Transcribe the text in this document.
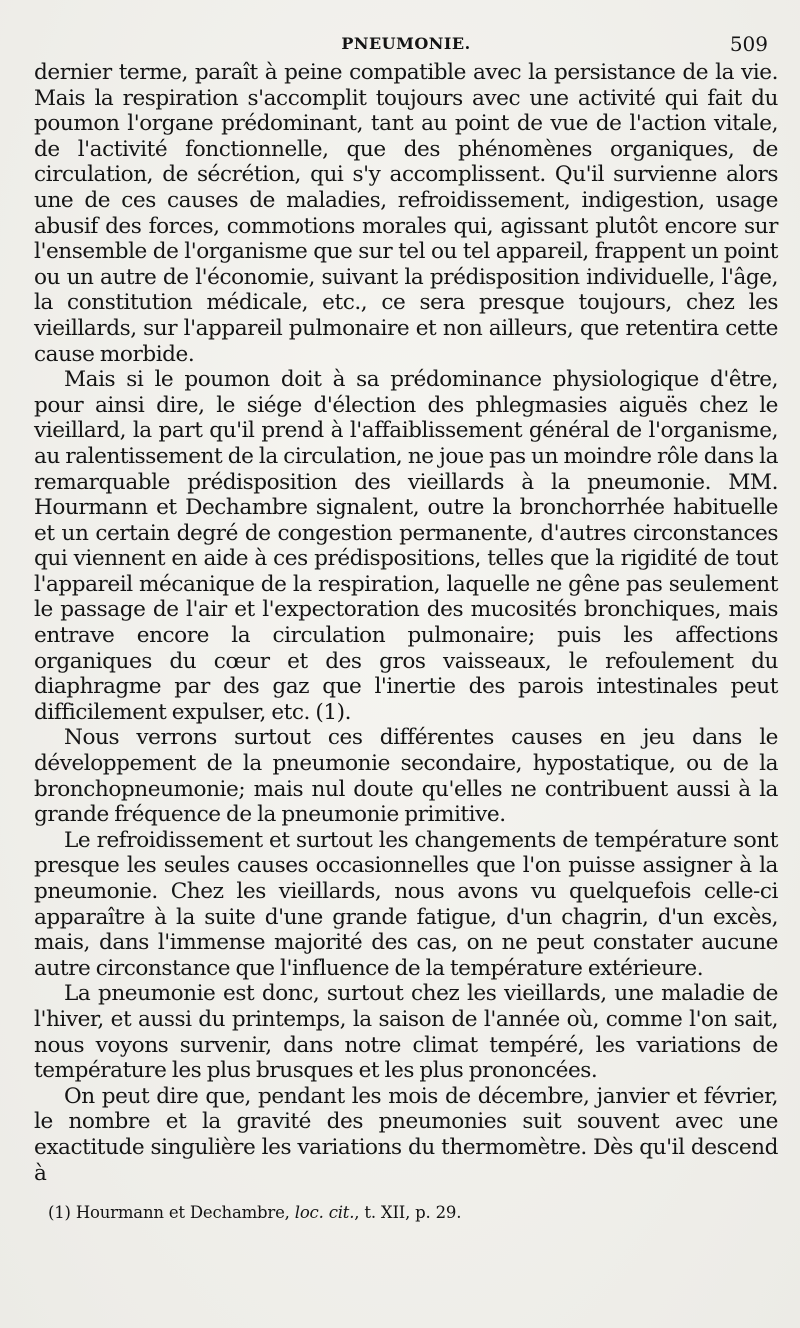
PNEUMONIE.	509

dernier terme, paraît à peine compatible avec la persistance de la vie. Mais la respiration s'accomplit toujours avec une activité qui fait du poumon l'organe prédominant, tant au point de vue de l'action vitale, de l'activité fonctionnelle, que des phénomènes organiques, de circulation, de sécrétion, qui s'y accomplissent. Qu'il survienne alors une de ces causes de maladies, refroidissement, indigestion, usage abusif des forces, commotions morales qui, agissant plutôt encore sur l'ensemble de l'organisme que sur tel ou tel appareil, frappent un point ou un autre de l'économie, suivant la prédisposition individuelle, l'âge, la constitution médicale, etc., ce sera presque toujours, chez les vieillards, sur l'appareil pulmonaire et non ailleurs, que retentira cette cause morbide.

Mais si le poumon doit à sa prédominance physiologique d'être, pour ainsi dire, le siége d'élection des phlegmasies aiguës chez le vieillard, la part qu'il prend à l'affaiblissement général de l'organisme, au ralentissement de la circulation, ne joue pas un moindre rôle dans la remarquable prédisposition des vieillards à la pneumonie. MM. Hourmann et Dechambre signalent, outre la bronchorrhée habituelle et un certain degré de congestion permanente, d'autres circonstances qui viennent en aide à ces prédispositions, telles que la rigidité de tout l'appareil mécanique de la respiration, laquelle ne gêne pas seulement le passage de l'air et l'expectoration des mucosités bronchiques, mais entrave encore la circulation pulmonaire; puis les affections organiques du cœur et des gros vaisseaux, le refoulement du diaphragme par des gaz que l'inertie des parois intestinales peut difficilement expulser, etc. (1).

Nous verrons surtout ces différentes causes en jeu dans le développement de la pneumonie secondaire, hypostatique, ou de la bronchopneumonie; mais nul doute qu'elles ne contribuent aussi à la grande fréquence de la pneumonie primitive.

Le refroidissement et surtout les changements de température sont presque les seules causes occasionnelles que l'on puisse assigner à la pneumonie. Chez les vieillards, nous avons vu quelquefois celle-ci apparaître à la suite d'une grande fatigue, d'un chagrin, d'un excès, mais, dans l'immense majorité des cas, on ne peut constater aucune autre circonstance que l'influence de la température extérieure.

La pneumonie est donc, surtout chez les vieillards, une maladie de l'hiver, et aussi du printemps, la saison de l'année où, comme l'on sait, nous voyons survenir, dans notre climat tempéré, les variations de température les plus brusques et les plus prononcées.

On peut dire que, pendant les mois de décembre, janvier et février, le nombre et la gravité des pneumonies suit souvent avec une exactitude singulière les variations du thermomètre. Dès qu'il descend à

(1) Hourmann et Dechambre, loc. cit., t. XII, p. 29.
